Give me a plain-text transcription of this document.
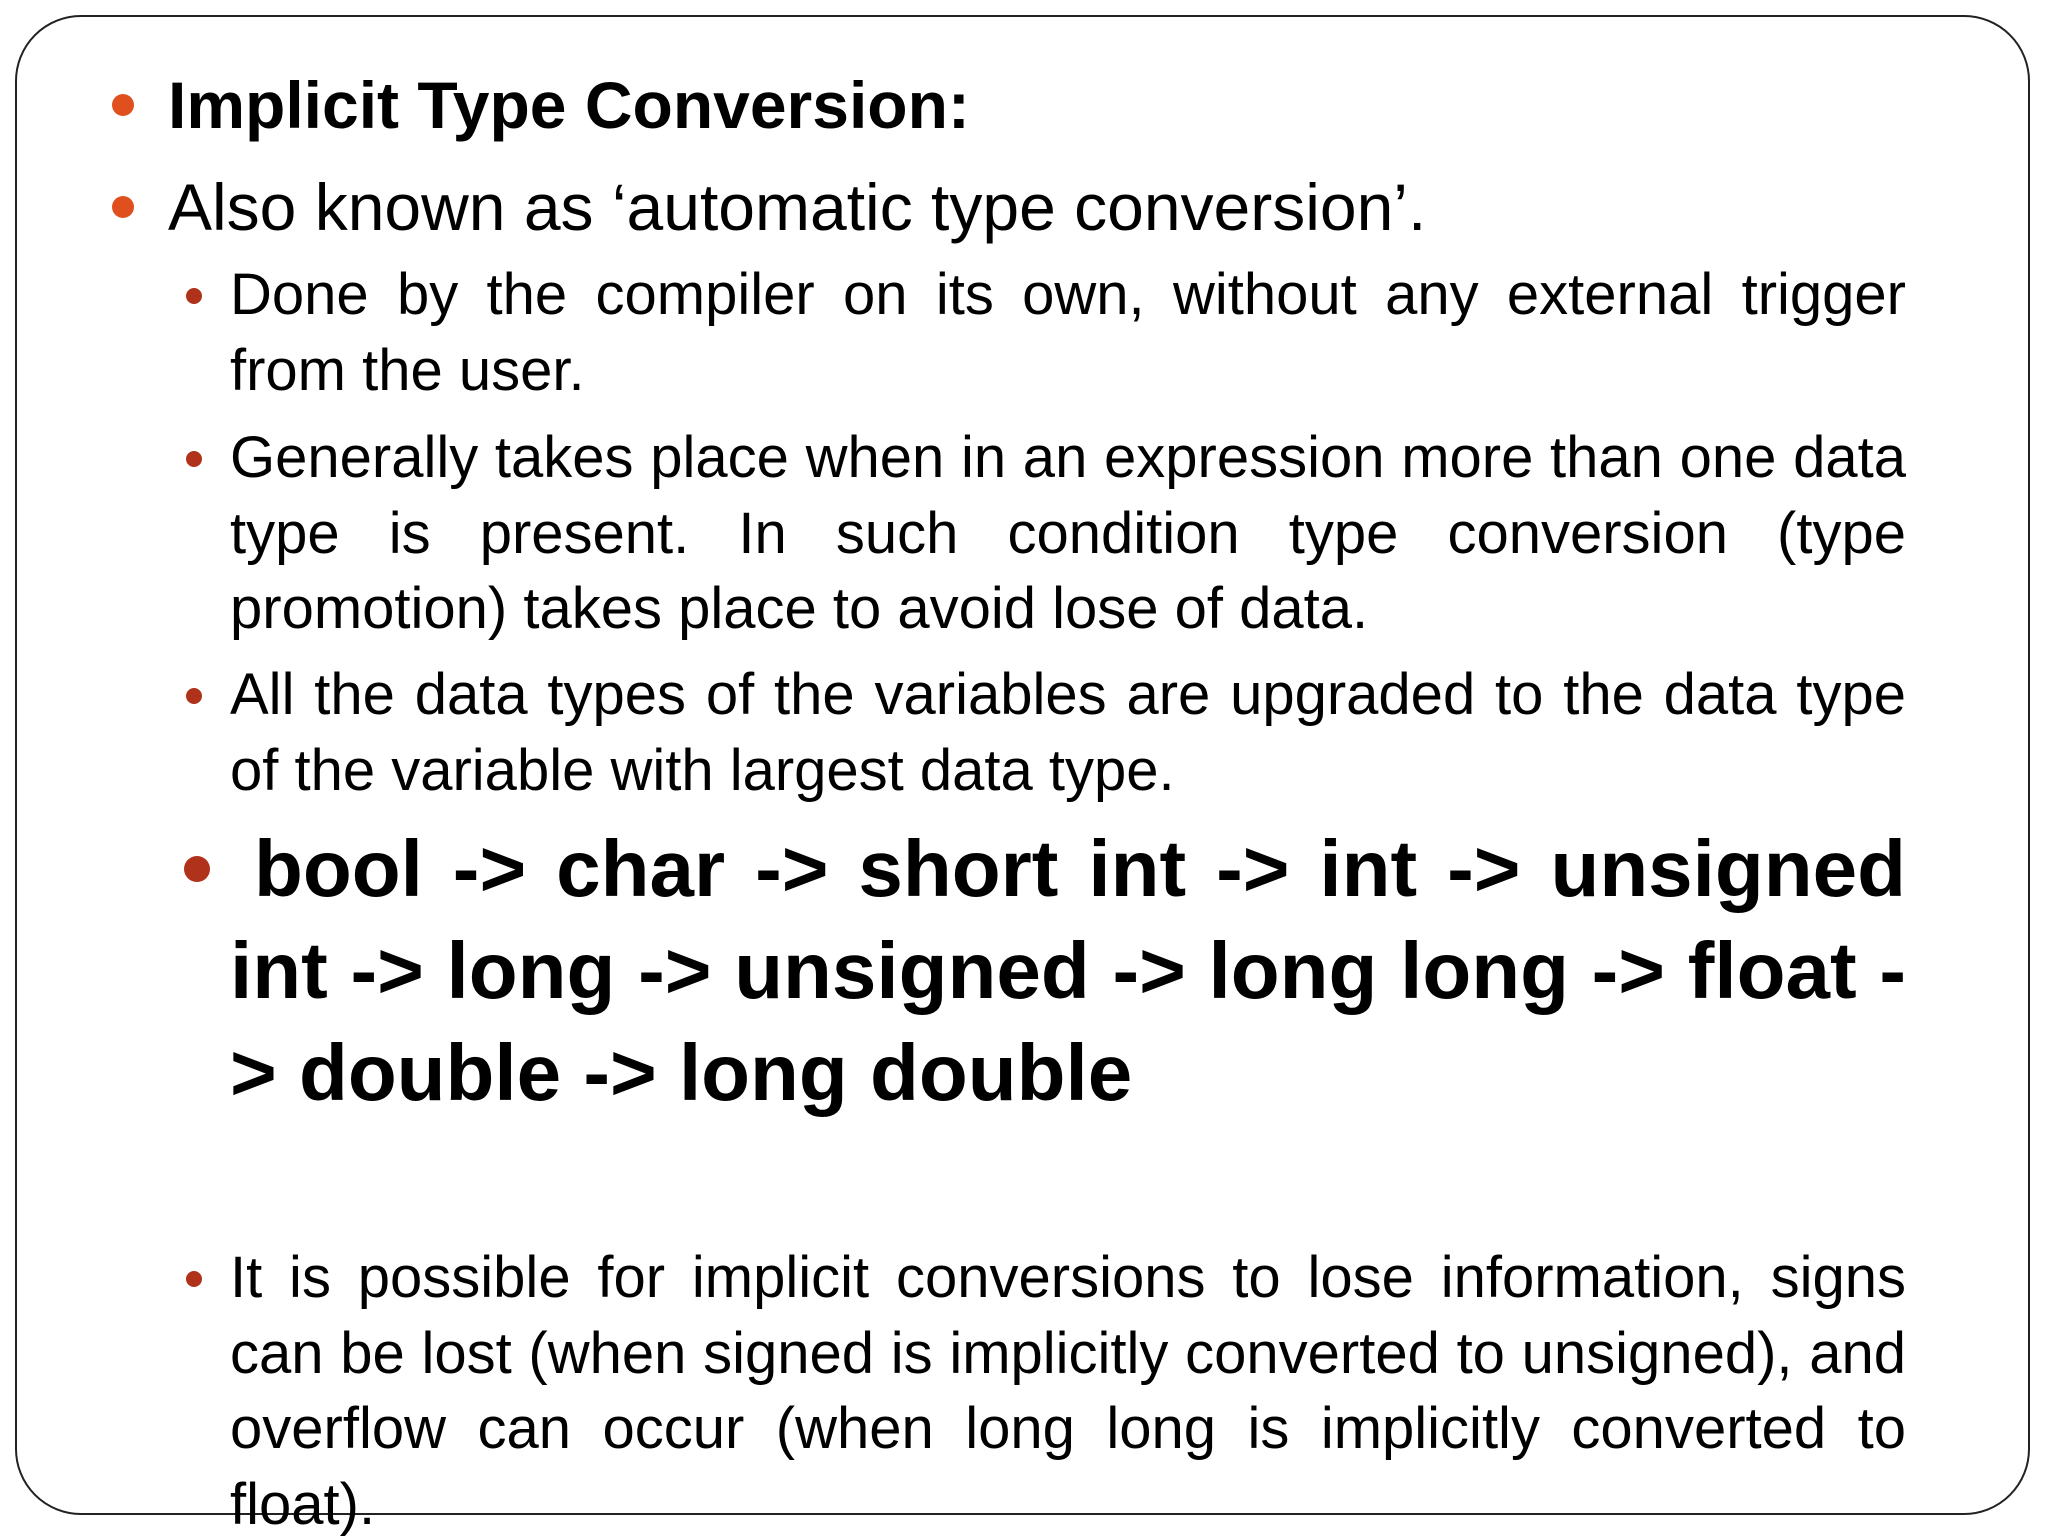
Implicit Type Conversion:

Also known as ‘automatic type conversion’.

Done by the compiler on its own, without any external trigger from the user.

Generally takes place when in an expression more than one data type is present. In such condition type conversion (type promotion) takes place to avoid lose of data.

All the data types of the variables are upgraded to the data type of the variable with largest data type.

bool -> char -> short int -> int -> unsigned int -> long -> unsigned -> long long -> float -> double -> long double

It is possible for implicit conversions to lose information, signs can be lost (when signed is implicitly converted to unsigned), and overflow can occur (when long long is implicitly converted to float).
